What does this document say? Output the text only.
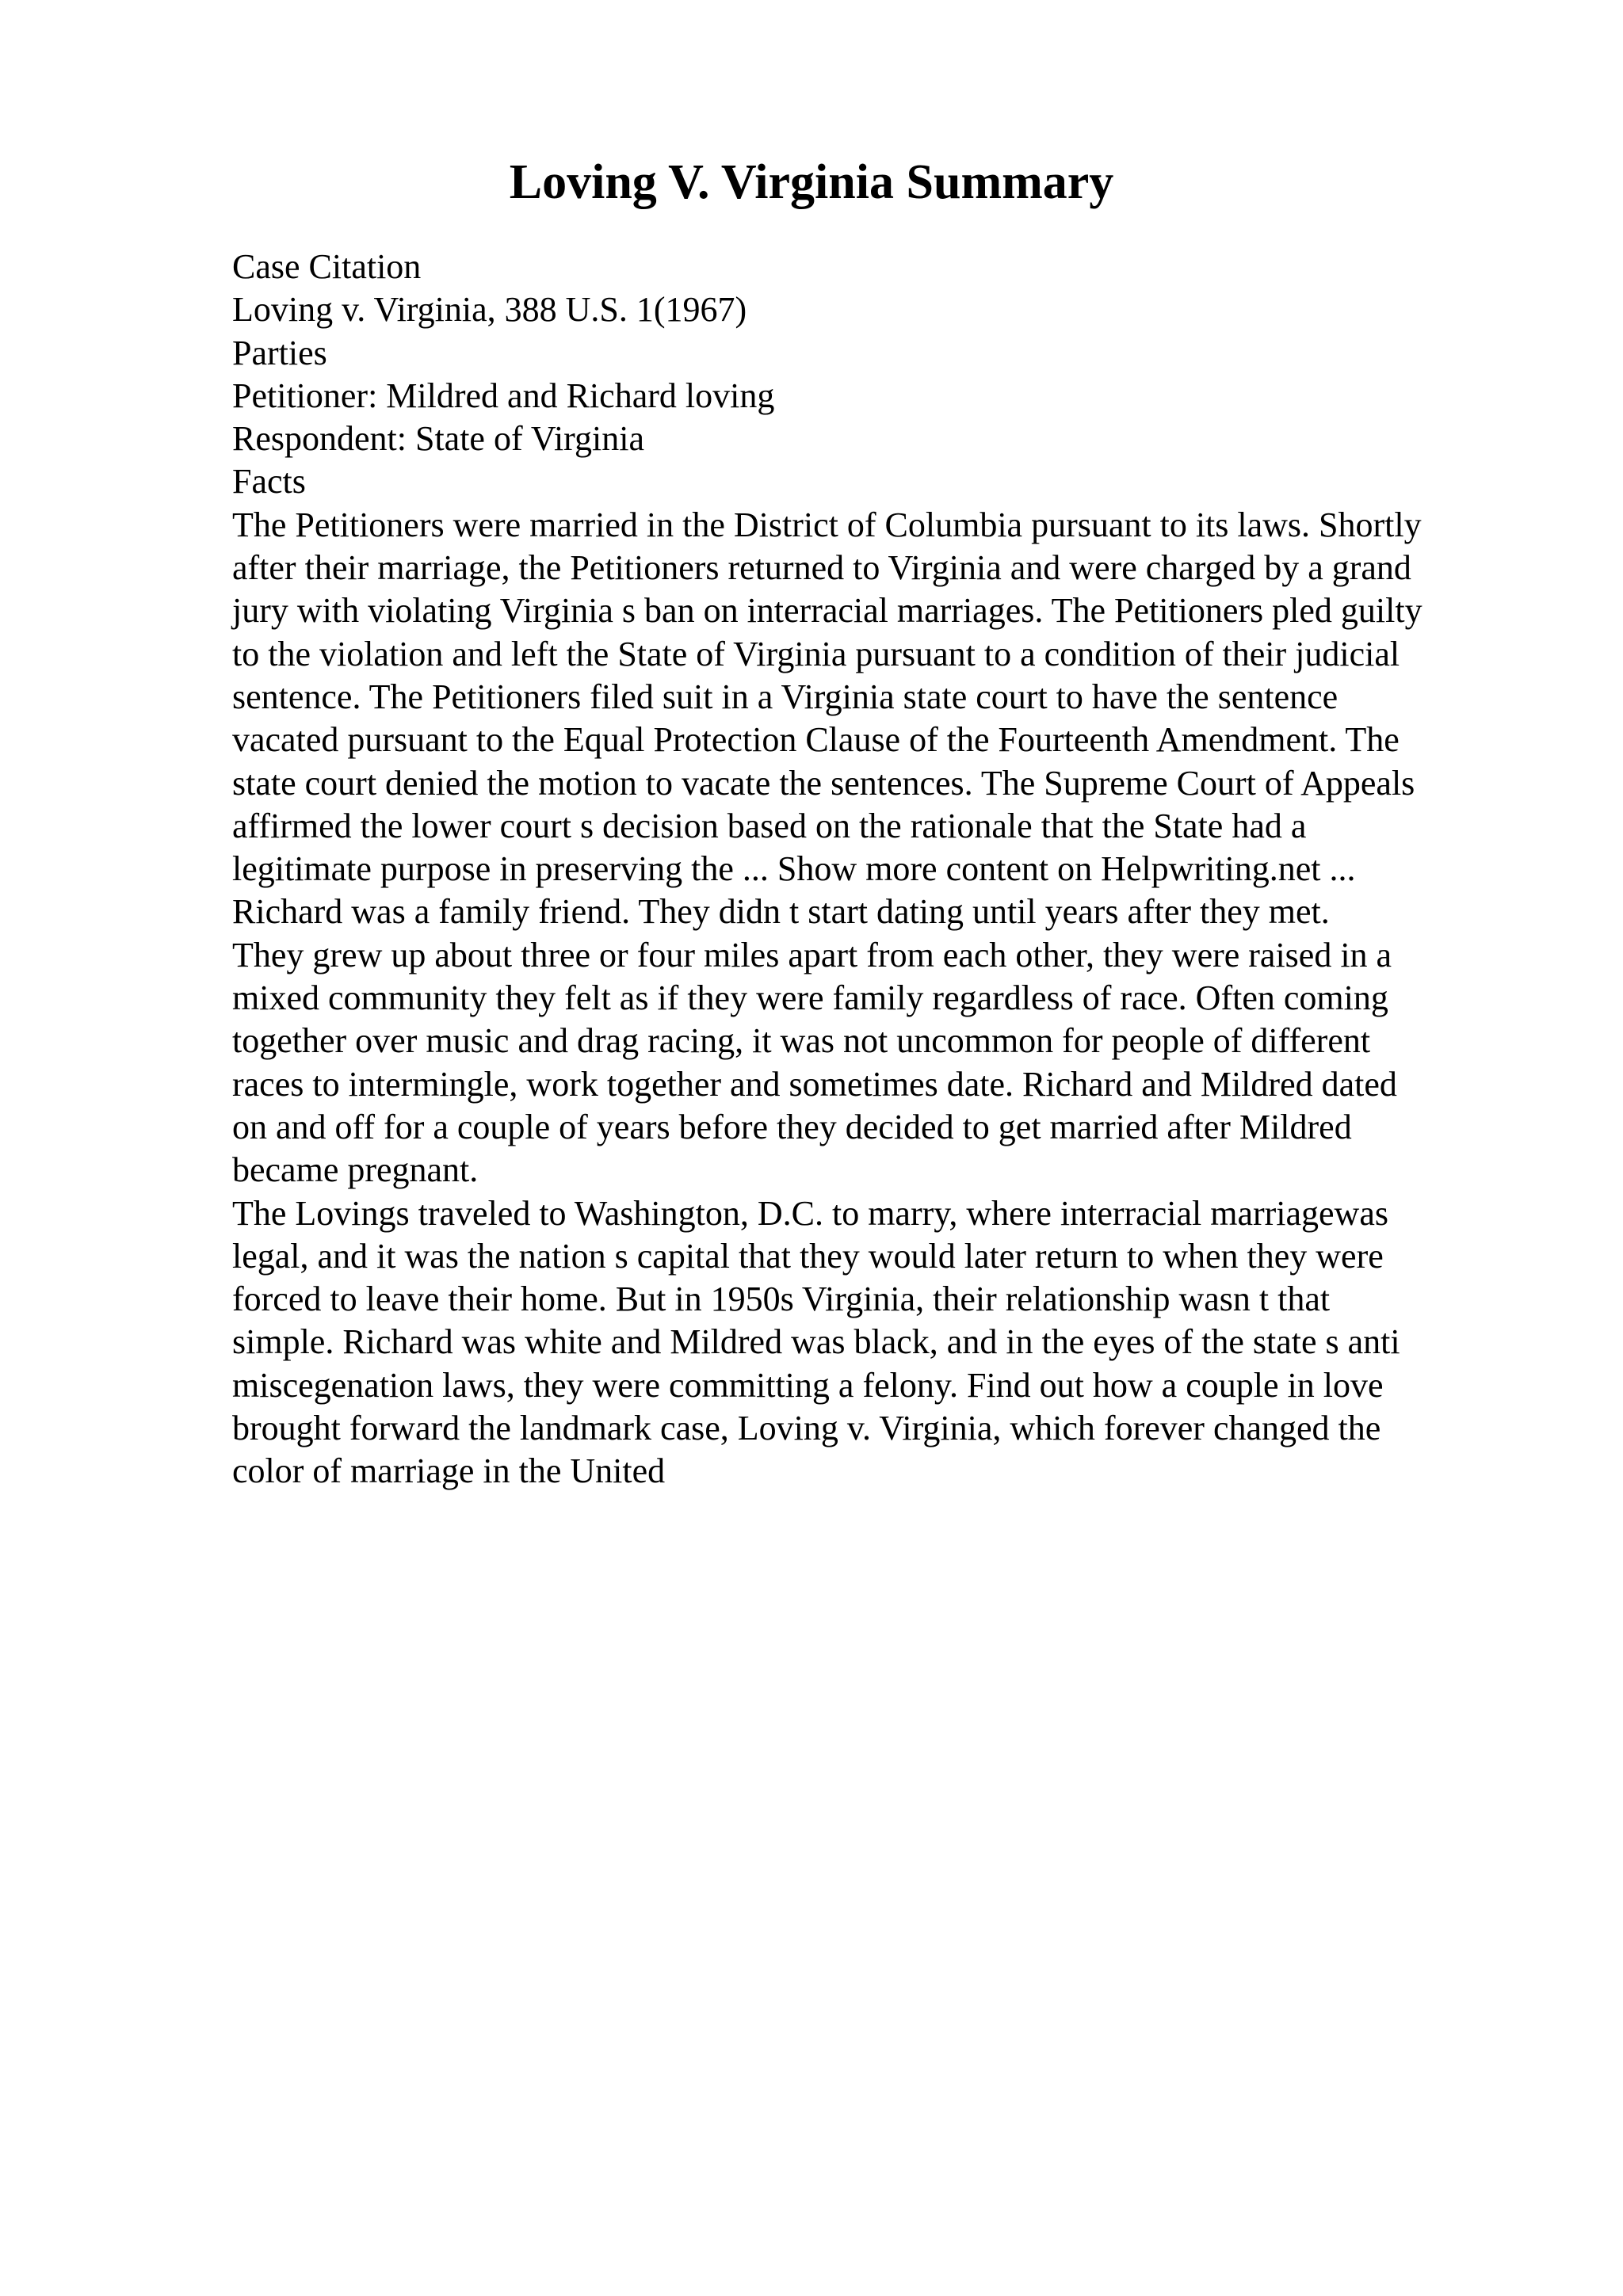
Loving V. Virginia Summary

Case Citation

Loving v. Virginia, 388 U.S. 1(1967)

Parties

Petitioner: Mildred and Richard loving

Respondent: State of Virginia

Facts

The Petitioners were married in the District of Columbia pursuant to its laws. Shortly

after their marriage, the Petitioners returned to Virginia and were charged by a grand

jury with violating Virginia s ban on interracial marriages. The Petitioners pled guilty

to the violation and left the State of Virginia pursuant to a condition of their judicial

sentence. The Petitioners filed suit in a Virginia state court to have the sentence

vacated pursuant to the Equal Protection Clause of the Fourteenth Amendment. The

state court denied the motion to vacate the sentences. The Supreme Court of Appeals

affirmed the lower court s decision based on the rationale that the State had a

legitimate purpose in preserving the ... Show more content on Helpwriting.net ...

Richard was a family friend. They didn t start dating until years after they met.

They grew up about three or four miles apart from each other, they were raised in a

mixed community they felt as if they were family regardless of race. Often coming

together over music and drag racing, it was not uncommon for people of different

races to intermingle, work together and sometimes date. Richard and Mildred dated

on and off for a couple of years before they decided to get married after Mildred

became pregnant.

The Lovings traveled to Washington, D.C. to marry, where interracial marriagewas

legal, and it was the nation s capital that they would later return to when they were

forced to leave their home. But in 1950s Virginia, their relationship wasn t that

simple. Richard was white and Mildred was black, and in the eyes of the state s anti

miscegenation laws, they were committing a felony. Find out how a couple in love

brought forward the landmark case, Loving v. Virginia, which forever changed the

color of marriage in the United
